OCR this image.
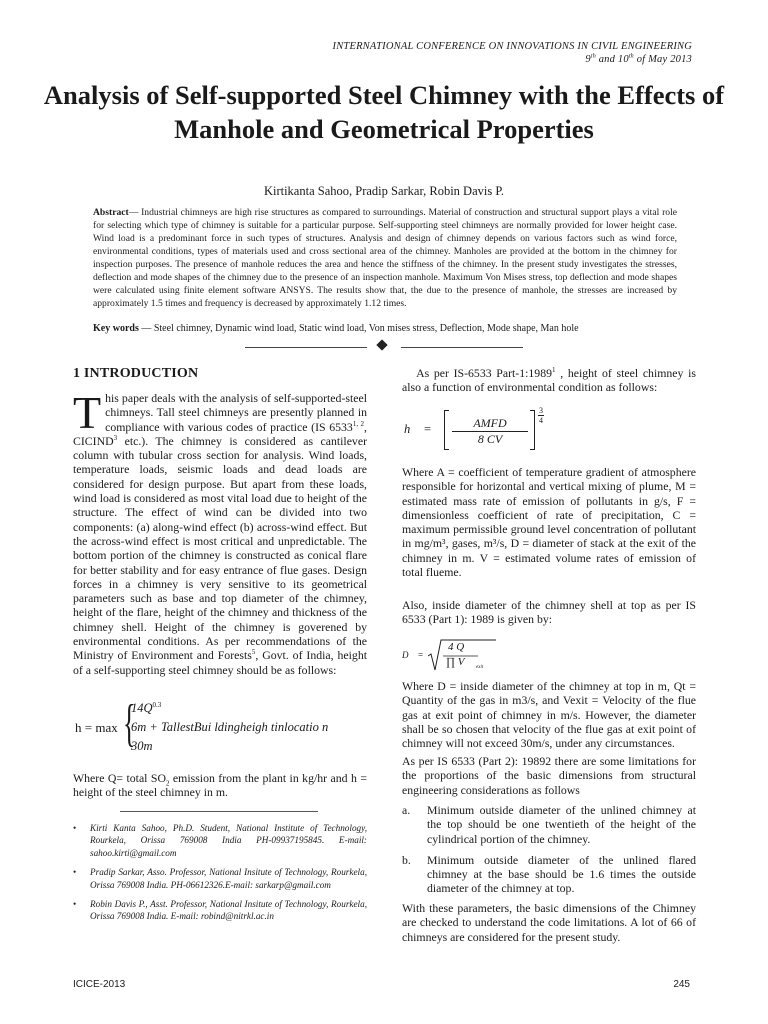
INTERNATIONAL CONFERENCE ON INNOVATIONS IN CIVIL ENGINEERING
9th and 10th of May 2013
Analysis of Self-supported Steel Chimney with the Effects of Manhole and Geometrical Properties
Kirtikanta Sahoo, Pradip Sarkar, Robin Davis P.
Abstract— Industrial chimneys are high rise structures as compared to surroundings. Material of construction and structural support plays a vital role for selecting which type of chimney is suitable for a particular purpose. Self-supporting steel chimneys are normally provided for lower height case. Wind load is a predominant force in such types of structures. Analysis and design of chimney depends on various factors such as wind force, environmental conditions, types of materials used and cross sectional area of the chimney. Manholes are provided at the bottom in the chimney for inspection purposes. The presence of manhole reduces the area and hence the stiffness of the chimney. In the present study investigates the stresses, deflection and mode shapes of the chimney due to the presence of an inspection manhole. Maximum Von Mises stress, top deflection and mode shapes were calculated using finite element software ANSYS. The results show that, the due to the presence of manhole, the stresses are increased by approximately 1.5 times and frequency is decreased by approximately 1.12 times.
Key words — Steel chimney, Dynamic wind load, Static wind load, Von mises stress, Deflection, Mode shape, Man hole
1 INTRODUCTION
This paper deals with the analysis of self-supported-steel chimneys. Tall steel chimneys are presently planned in compliance with various codes of practice (IS 6533$^{1, 2}$, CICIND$^3$ etc.). The chimney is considered as cantilever column with tubular cross section for analysis. Wind loads, temperature loads, seismic loads and dead loads are considered for design purpose. But apart from these loads, wind load is considered as most vital load due to height of the structure. The effect of wind can be divided into two components: (a) along-wind effect (b) across-wind effect. But the across-wind effect is most critical and unpredictable. The bottom portion of the chimney is constructed as conical flare for better stability and for easy entrance of flue gases. Design forces in a chimney is very sensitive to its geometrical parameters such as base and top diameter of the chimney, height of the flare, height of the chimney and thickness of the chimney shell. Height of the chimney is goverened by environmental conditions. As per recommendations of the Ministry of Environment and Forests$^5$, Govt. of India, height of a self-supporting steel chimney should be as follows:
h = max {
$14Q^{0.3}$
6m + TallestBui ldingheigh tinlocatio n
30m
Where Q= total $SO_2$ emission from the plant in kg/hr and h = height of the steel chimney in m.
• Kirti Kanta Sahoo, Ph.D. Student, National Institute of Technology, Rourkela, Orissa 769008 India PH-09937195845. E-mail: sahoo.kirti@gmail.com
• Pradip Sarkar, Asso. Professor, National Insitute of Technology, Rourkela, Orissa 769008 India. PH-06612326.E-mail: sarkarp@gmail.com
• Robin Davis P., Asst. Professor, National Insitute of Technology, Rourkela, Orissa 769008 India. E-mail: robind@nitrkl.ac.in
As per IS-6533 Part-1:1989$^1$ , height of steel chimney is also a function of environmental condition as follows:
h =	AMFD
8 CV
3
4

Where A = coefficient of temperature gradient of atmosphere responsible for horizontal and vertical mixing of plume, M = estimated mass rate of emission of pollutants in g/s, F = dimensionless coefficient of rate of precipitation, C = maximum permissible ground level concentration of pollutant in mg/m³, gases, m³/s, D = diameter of stack at the exit of the chimney in m. V = estimated volume rates of emission of total flueme.

Also, inside diameter of the chimney shell at top as per IS 6533 (Part 1): 1989 is given by:

D =
4 Q
∏ V exit

Where D = inside diameter of the chimney at top in m, Qt = Quantity of the gas in m3/s, and Vexit = Velocity of the flue gas at exit point of chimney in m/s. However, the diameter shall be so chosen that velocity of the flue gas at exit point of chimney will not exceed 30m/s, under any circumstances.

As per IS 6533 (Part 2): 19892 there are some limitations for the proportions of the basic dimensions from structural engineering considerations as follows

a. Minimum outside diameter of the unlined chimney at the top should be one twentieth of the height of the cylindrical portion of the chimney.
b. Minimum outside diameter of the unlined flared chimney at the base should be 1.6 times the outside diameter of the chimney at top.

With these parameters, the basic dimensions of the Chimney are checked to understand the code limitations. A lot of 66 of chimneys are considered for the present study.

ICICE-2013	245
